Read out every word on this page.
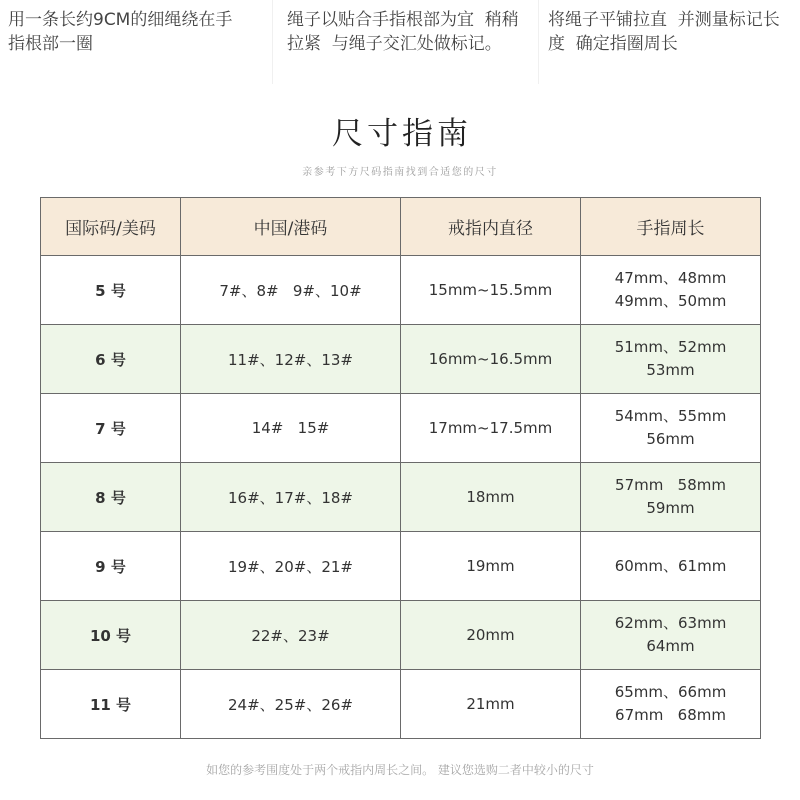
用一条长约9CM的细绳绕在手
指根部一圈
绳子以贴合手指根部为宜  稍稍
拉紧  与绳子交汇处做标记。
将绳子平铺拉直  并测量标记长
度  确定指圈周长
尺寸指南
亲参考下方尺码指南找到合适您的尺寸
国际码/美码	中国/港码	戒指内直径	手指周长
5 号	7#、8#   9#、10#	15mm~15.5mm	47mm、48mm
49mm、50mm

6 号	11#、12#、13#	16mm~16.5mm	51mm、52mm
53mm

7 号	14#   15#	17mm~17.5mm	54mm、55mm
56mm

8 号	16#、17#、18#	18mm	57mm   58mm
59mm

9 号	19#、20#、21#	19mm	60mm、61mm

10 号	22#、23#	20mm	62mm、63mm
64mm

11 号	24#、25#、26#	21mm	65mm、66mm
67mm   68mm
如您的参考围度处于两个戒指内周长之间。 建议您选购二者中较小的尺寸
